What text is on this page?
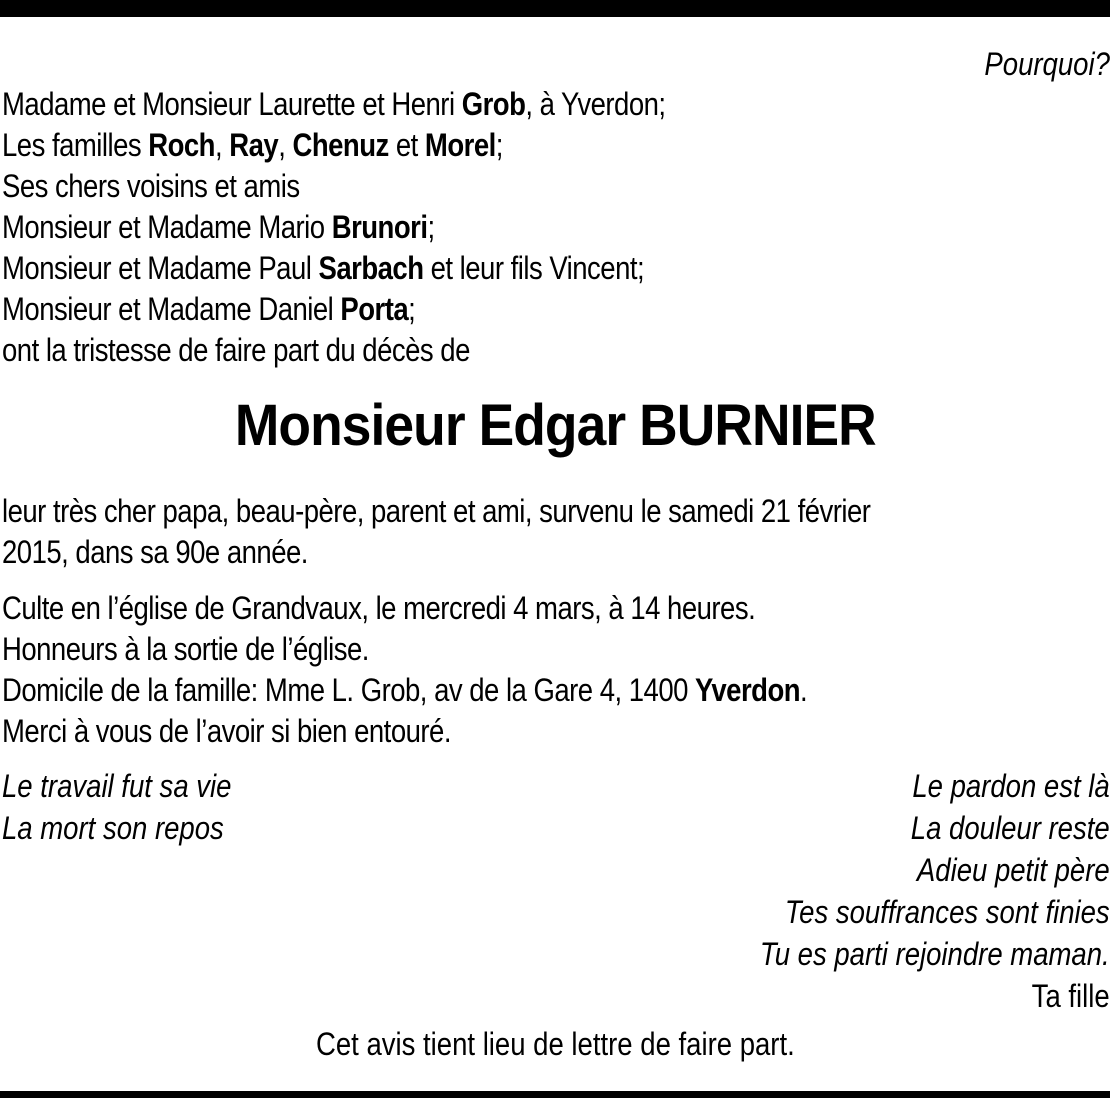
Pourquoi?
Madame et Monsieur Laurette et Henri Grob, à Yverdon;
Les familles Roch, Ray, Chenuz et Morel;
Ses chers voisins et amis
Monsieur et Madame Mario Brunori;
Monsieur et Madame Paul Sarbach et leur fils Vincent;
Monsieur et Madame Daniel Porta;
ont la tristesse de faire part du décès de
Monsieur Edgar BURNIER
leur très cher papa, beau-père, parent et ami, survenu le samedi 21 février
2015, dans sa 90e année.
Culte en l’église de Grandvaux, le mercredi 4 mars, à 14 heures.
Honneurs à la sortie de l’église.
Domicile de la famille: Mme L. Grob, av de la Gare 4, 1400 Yverdon.
Merci à vous de l’avoir si bien entouré.
Le travail fut sa vie
La mort son repos
Le pardon est là
La douleur reste
Adieu petit père
Tes souffrances sont finies
Tu es parti rejoindre maman.
Ta fille
Cet avis tient lieu de lettre de faire part.
